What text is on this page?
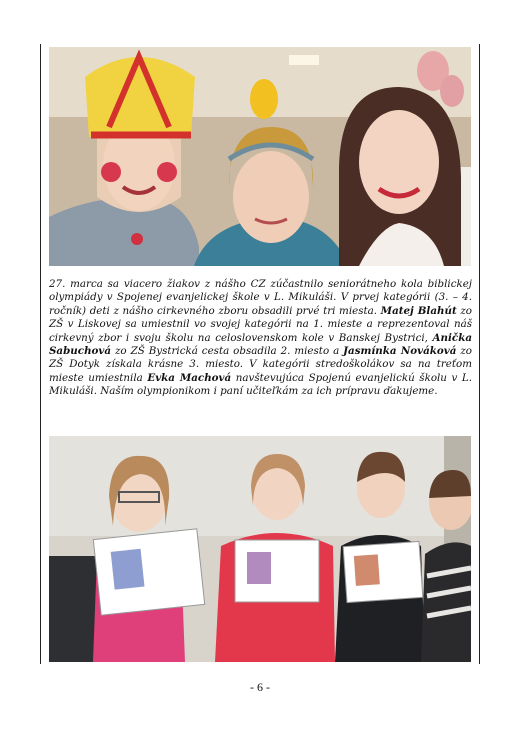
27. marca sa viacero žiakov z nášho CZ zúčastnilo seniorátneho kola biblickej olympiády v Spojenej evanjelickej škole v L. Mikuláši. V prvej kategórii (3. – 4. ročník) deti z nášho cirkevného zboru obsadili prvé tri miesta. Matej Blahút zo ZŠ v Liskovej sa umiestnil vo svojej kategórii na 1. mieste a reprezentoval náš cirkevný zbor i svoju školu na celoslovenskom kole v Banskej Bystrici, Anička Sabuchová zo ZŠ Bystrická cesta obsadila 2. miesto a Jasmínka Nováková zo ZŠ Dotyk získala krásne 3. miesto. V kategórii stredoškolákov sa na treťom mieste umiestnila Evka Machová navštevujúca Spojenú evanjelickú školu v L. Mikuláši. Naším olympionikom i paní učiteľkám za ich prípravu ďakujeme.
- 6 -
